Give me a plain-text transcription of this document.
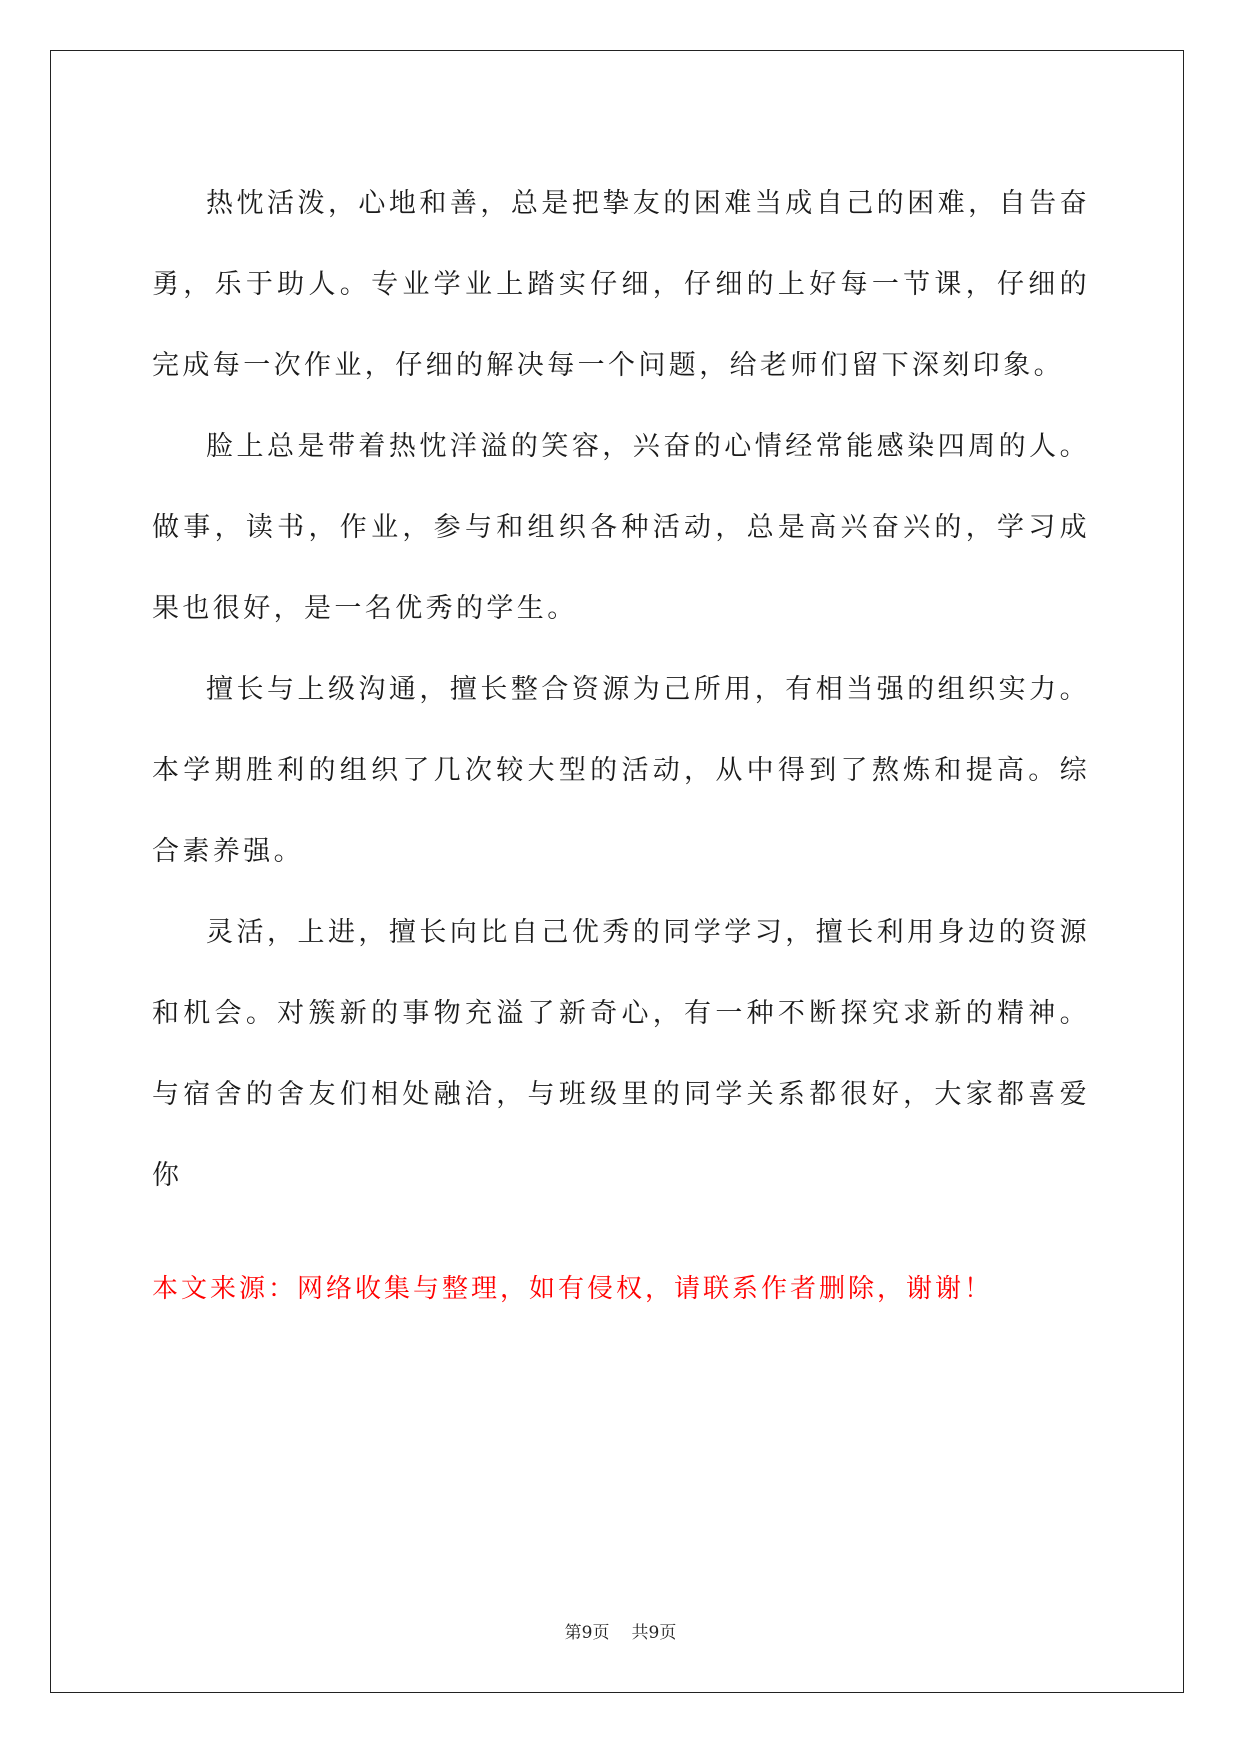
热忱活泼，心地和善，总是把挚友的困难当成自己的困难，自告奋勇，乐于助人。专业学业上踏实仔细，仔细的上好每一节课，仔细的完成每一次作业，仔细的解决每一个问题，给老师们留下深刻印象。

脸上总是带着热忱洋溢的笑容，兴奋的心情经常能感染四周的人。做事，读书，作业，参与和组织各种活动，总是高兴奋兴的，学习成果也很好，是一名优秀的学生。

擅长与上级沟通，擅长整合资源为己所用，有相当强的组织实力。本学期胜利的组织了几次较大型的活动，从中得到了熬炼和提高。综合素养强。

灵活，上进，擅长向比自己优秀的同学学习，擅长利用身边的资源和机会。对簇新的事物充溢了新奇心，有一种不断探究求新的精神。与宿舍的舍友们相处融洽，与班级里的同学关系都很好，大家都喜爱你

本文来源：网络收集与整理，如有侵权，请联系作者删除，谢谢！

第9页 共9页
